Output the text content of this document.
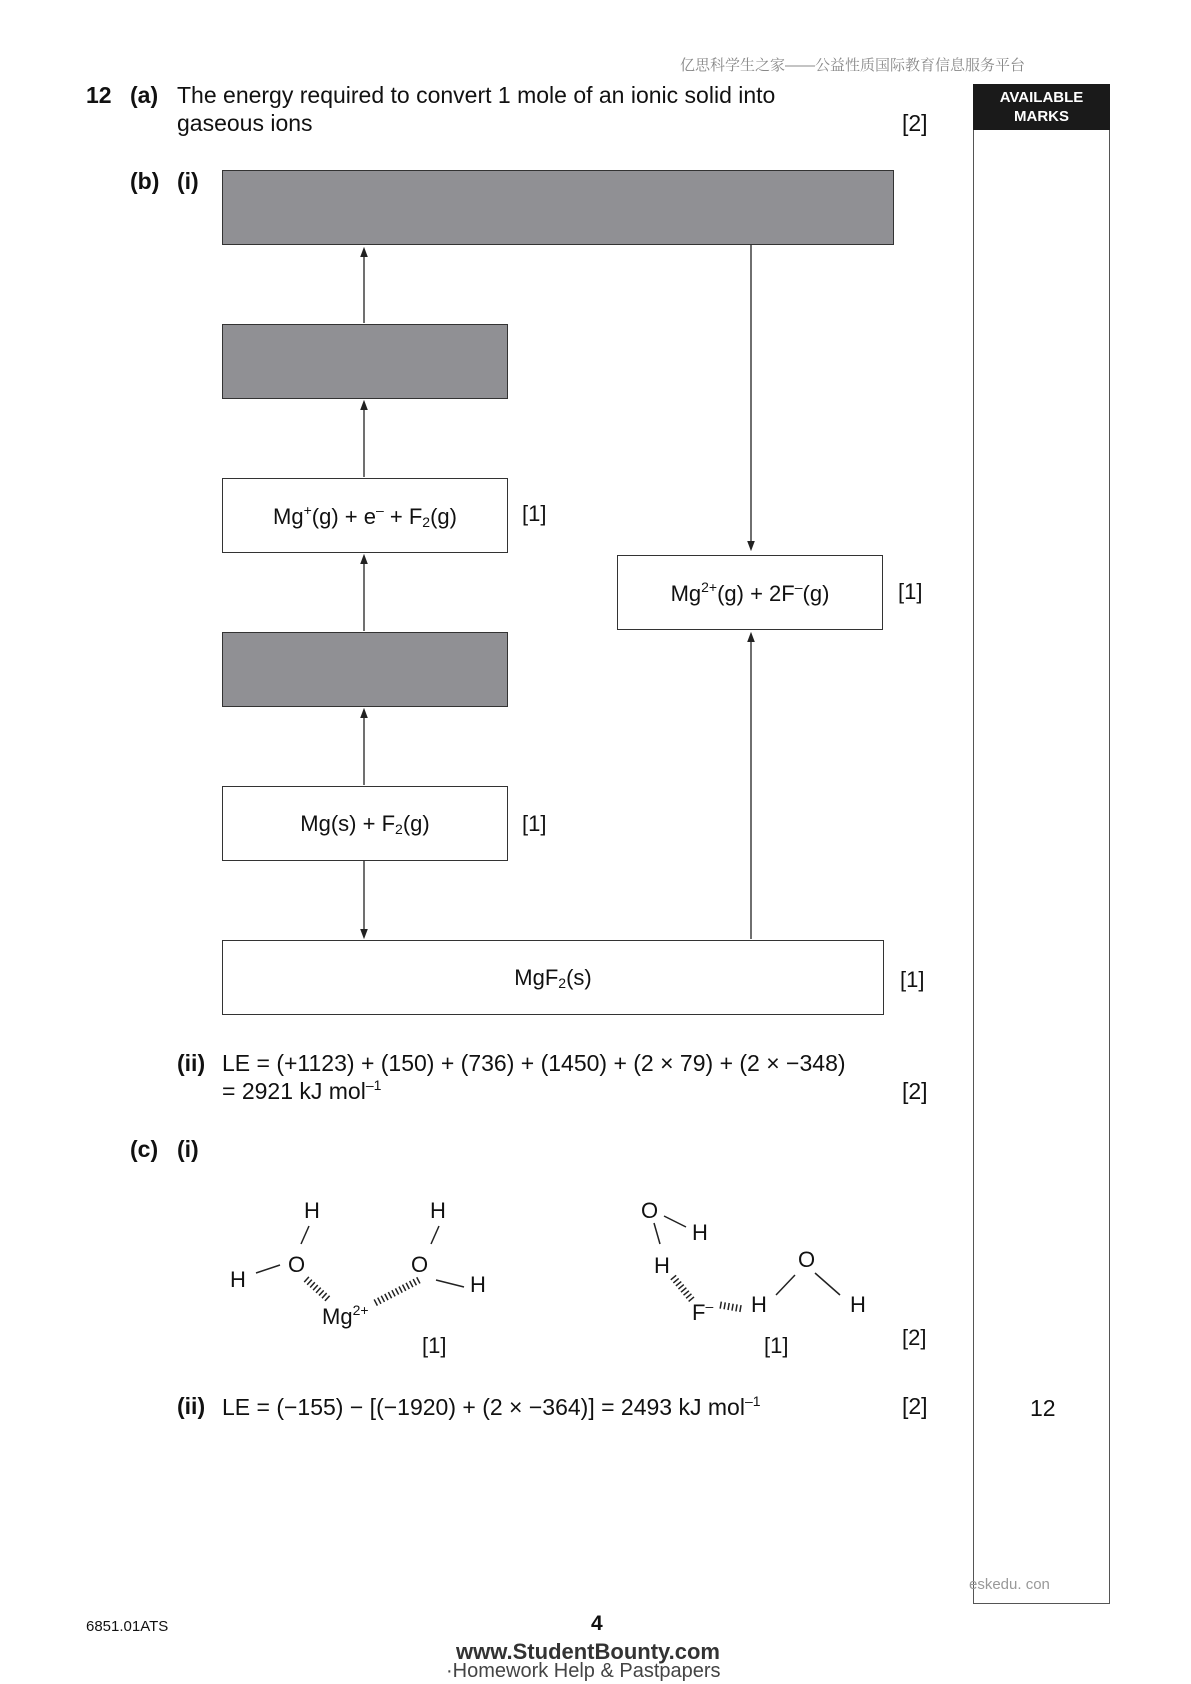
亿思科学生之家——公益性质国际教育信息服务平台
AVAILABLE
MARKS
12
12 (a) The energy required to convert 1 mole of an ionic solid into
gaseous ions	[2]
(b) (i)
$Mg^+(g) + e^- + F_2(g)$	[1]
$Mg^{2+}(g) + 2F^-(g)$	[1]
$Mg(s) + F_2(g)$	[1]
MgF$_2$(s)	[1]
(ii) LE = (+1123) + (150) + (736) + (1450) + (2 × 79) + (2 × −348)
= 2921 kJ mol$^{-1}$	[2]
(c) (i)
H
O
H
H
O
H
$Mg^{2+}$
[1]
O
H
H
F– H
O
H
[1]	[2]
(ii) LE = (−155) − [(−1920) + (2 × −364)] = 2493 kJ mol$^{-1}$	[2]
eskedu. con
6851.01ATS	4
www.StudentBounty.com
·Homework Help & Pastpapers
